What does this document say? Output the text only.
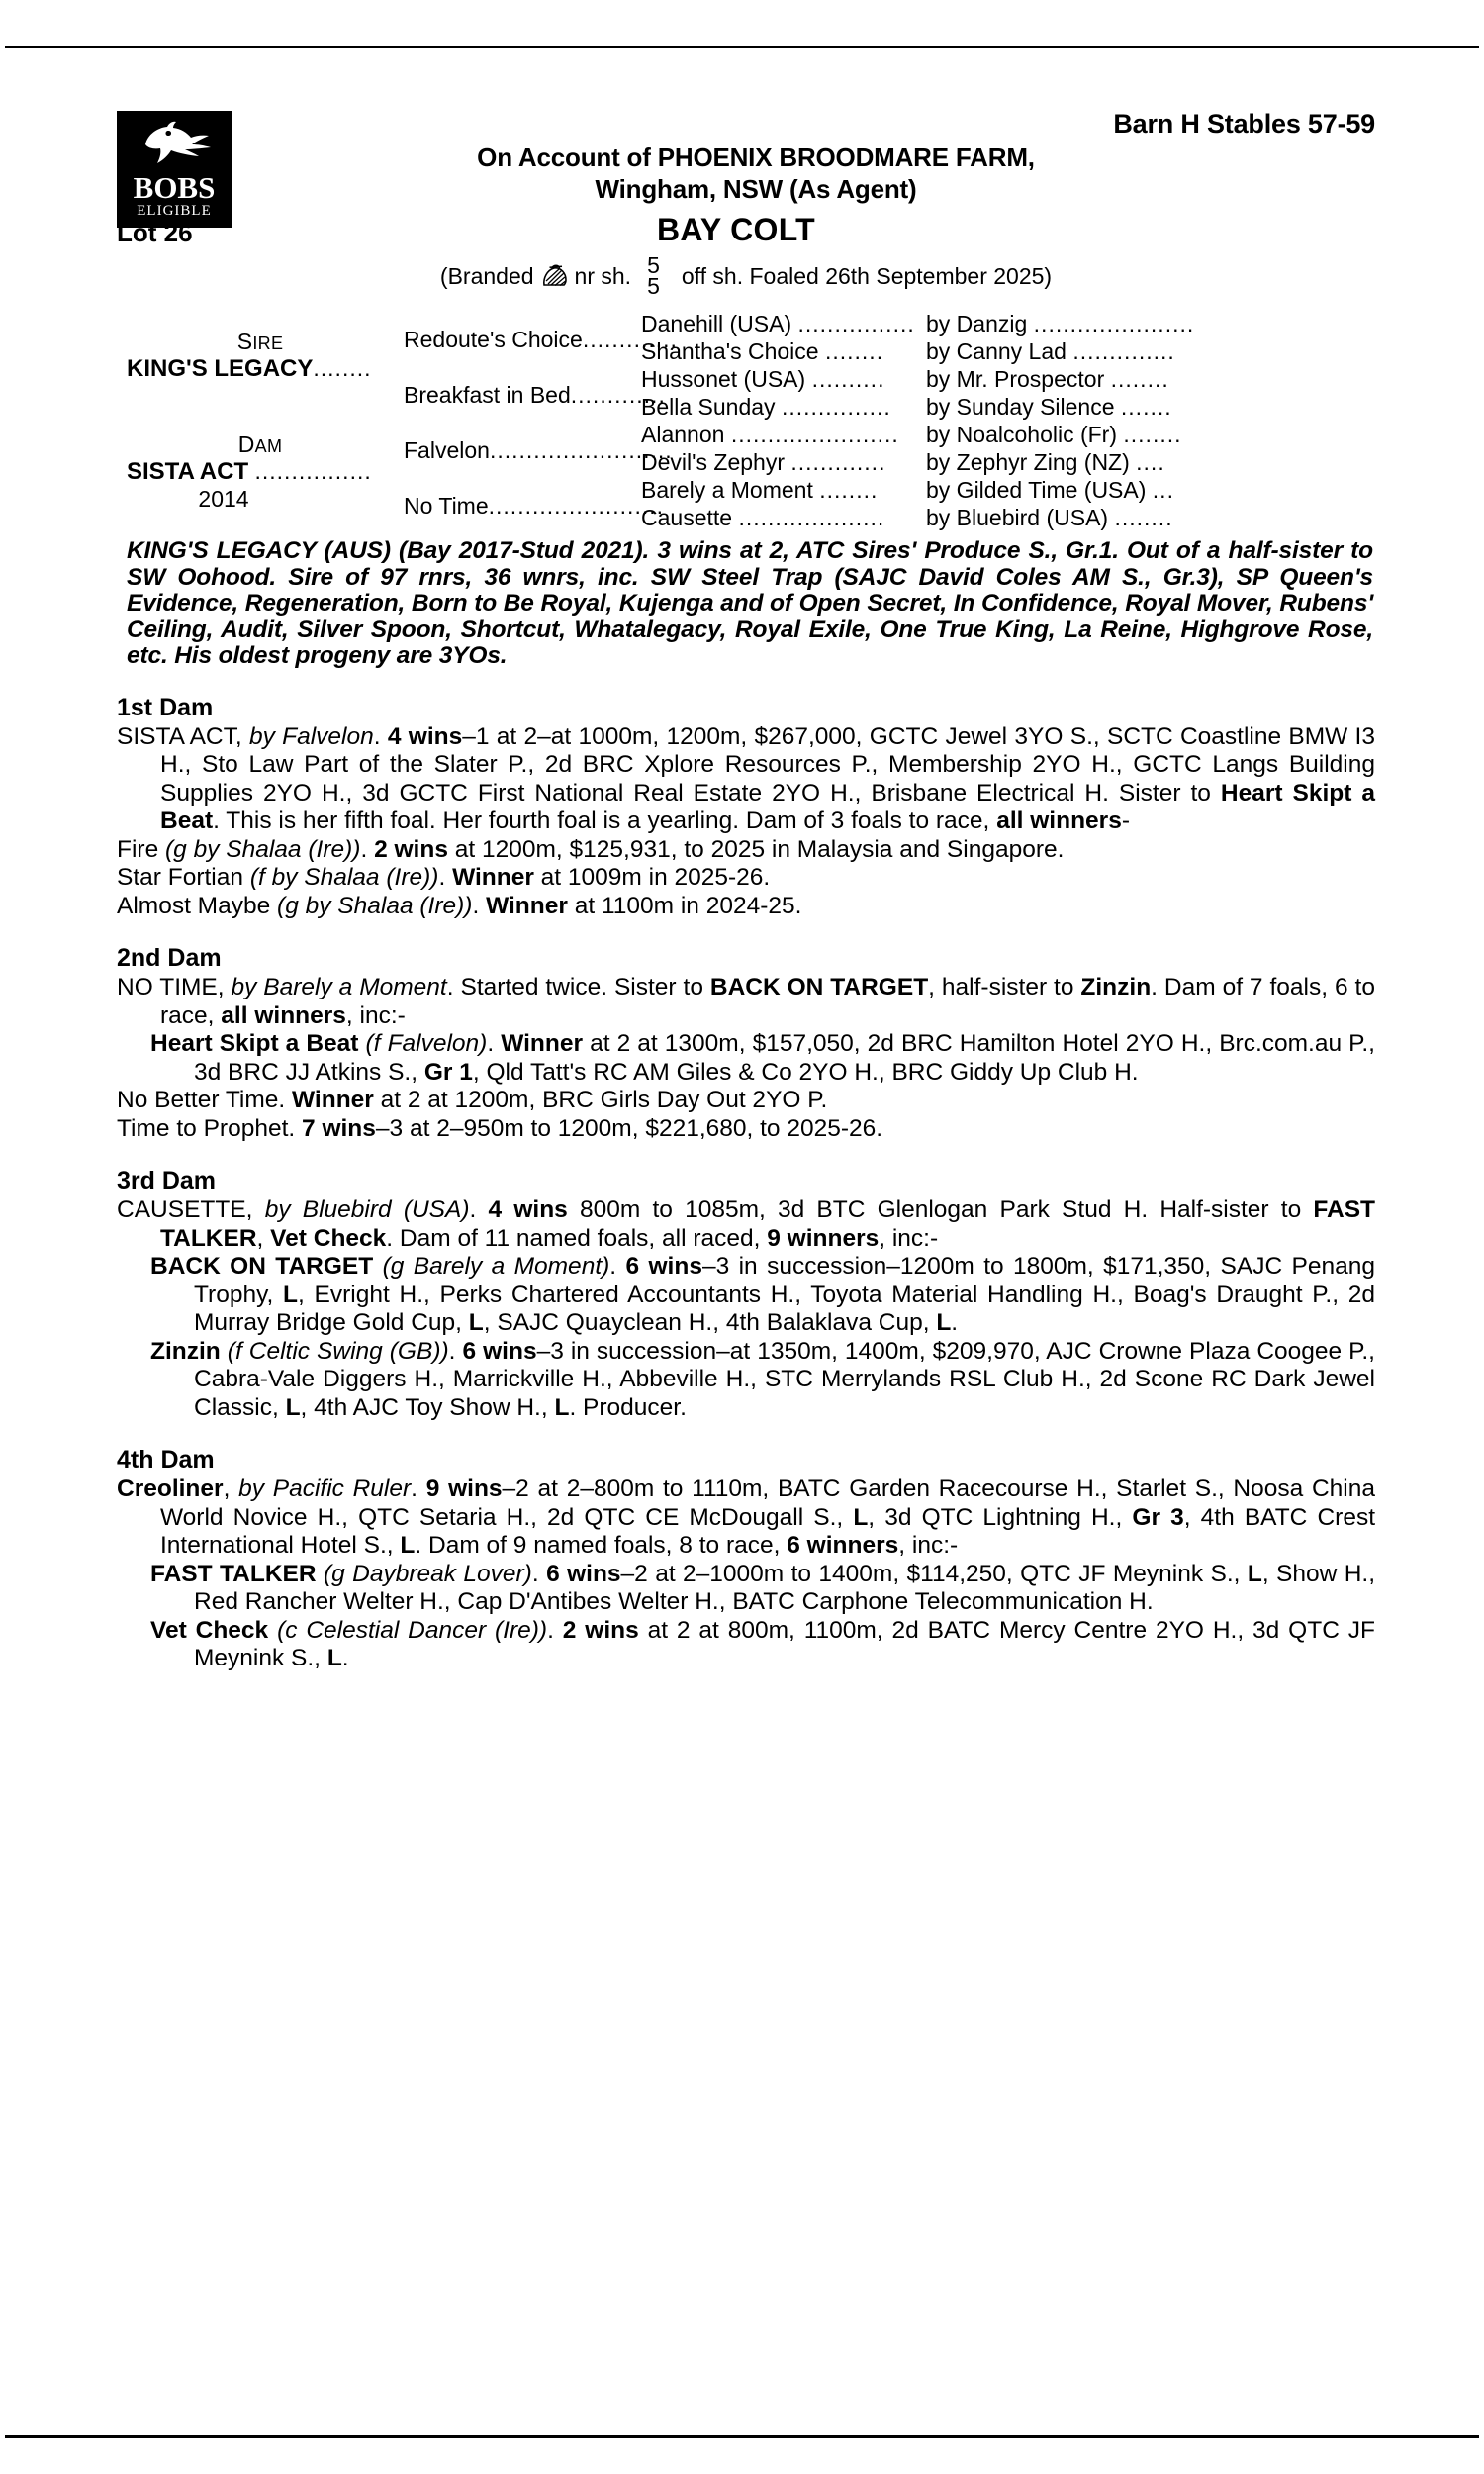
BOBS
ELIGIBLE
Barn H Stables 57-59
On Account of PHOENIX BROODMARE FARM,
Wingham, NSW (As Agent)
Lot 26	BAY COLT
(Branded nr sh. 5
5 off sh. Foaled 26th September 2025)
SIRE
KING'S LEGACY........
DAM
SISTA ACT ................
2014
Redoute's Choice.............
Breakfast in Bed.............
Falvelon.........................
No Time........................
Danehill (USA) ................
Shantha's Choice ........
Hussonet (USA) ..........
Bella Sunday ...............
Alannon .......................
Devil's Zephyr .............
Barely a Moment ........
Causette ....................
by Danzig ......................
by Canny Lad ..............
by Mr. Prospector ........
by Sunday Silence .......
by Noalcoholic (Fr) ........
by Zephyr Zing (NZ) ....
by Gilded Time (USA) ...
by Bluebird (USA) ........
KING'S LEGACY (AUS) (Bay 2017-Stud 2021). 3 wins at 2, ATC Sires' Produce S., Gr.1. Out of a half-sister to SW Oohood. Sire of 97 rnrs, 36 wnrs, inc. SW Steel Trap (SAJC David Coles AM S., Gr.3), SP Queen's Evidence, Regeneration, Born to Be Royal, Kujenga and of Open Secret, In Confidence, Royal Mover, Rubens' Ceiling, Audit, Silver Spoon, Shortcut, Whatalegacy, Royal Exile, One True King, La Reine, Highgrove Rose, etc. His oldest progeny are 3YOs.
1st Dam

SISTA ACT, by Falvelon. 4 wins–1 at 2–at 1000m, 1200m, $267,000, GCTC Jewel 3YO S., SCTC Coastline BMW I3 H., Sto Law Part of the Slater P., 2d BRC Xplore Resources P., Membership 2YO H., GCTC Langs Building Supplies 2YO H., 3d GCTC First National Real Estate 2YO H., Brisbane Electrical H. Sister to Heart Skipt a Beat. This is her fifth foal. Her fourth foal is a yearling. Dam of 3 foals to race, all winners-

Fire (g by Shalaa (Ire)). 2 wins at 1200m, $125,931, to 2025 in Malaysia and Singapore.

Star Fortian (f by Shalaa (Ire)). Winner at 1009m in 2025-26.

Almost Maybe (g by Shalaa (Ire)). Winner at 1100m in 2024-25.

2nd Dam

NO TIME, by Barely a Moment. Started twice. Sister to BACK ON TARGET, half-sister to Zinzin. Dam of 7 foals, 6 to race, all winners, inc:-

Heart Skipt a Beat (f Falvelon). Winner at 2 at 1300m, $157,050, 2d BRC Hamilton Hotel 2YO H., Brc.com.au P., 3d BRC JJ Atkins S., Gr 1, Qld Tatt's RC AM Giles & Co 2YO H., BRC Giddy Up Club H.

No Better Time. Winner at 2 at 1200m, BRC Girls Day Out 2YO P.

Time to Prophet. 7 wins–3 at 2–950m to 1200m, $221,680, to 2025-26.

3rd Dam

CAUSETTE, by Bluebird (USA). 4 wins 800m to 1085m, 3d BTC Glenlogan Park Stud H. Half-sister to FAST TALKER, Vet Check. Dam of 11 named foals, all raced, 9 winners, inc:-

BACK ON TARGET (g Barely a Moment). 6 wins–3 in succession–1200m to 1800m, $171,350, SAJC Penang Trophy, L, Evright H., Perks Chartered Accountants H., Toyota Material Handling H., Boag's Draught P., 2d Murray Bridge Gold Cup, L, SAJC Quayclean H., 4th Balaklava Cup, L.

Zinzin (f Celtic Swing (GB)). 6 wins–3 in succession–at 1350m, 1400m, $209,970, AJC Crowne Plaza Coogee P., Cabra-Vale Diggers H., Marrickville H., Abbeville H., STC Merrylands RSL Club H., 2d Scone RC Dark Jewel Classic, L, 4th AJC Toy Show H., L. Producer.

4th Dam

Creoliner, by Pacific Ruler. 9 wins–2 at 2–800m to 1110m, BATC Garden Racecourse H., Starlet S., Noosa China World Novice H., QTC Setaria H., 2d QTC CE McDougall S., L, 3d QTC Lightning H., Gr 3, 4th BATC Crest International Hotel S., L. Dam of 9 named foals, 8 to race, 6 winners, inc:-

FAST TALKER (g Daybreak Lover). 6 wins–2 at 2–1000m to 1400m, $114,250, QTC JF Meynink S., L, Show H., Red Rancher Welter H., Cap D'Antibes Welter H., BATC Carphone Telecommunication H.

Vet Check (c Celestial Dancer (Ire)). 2 wins at 2 at 800m, 1100m, 2d BATC Mercy Centre 2YO H., 3d QTC JF Meynink S., L.
